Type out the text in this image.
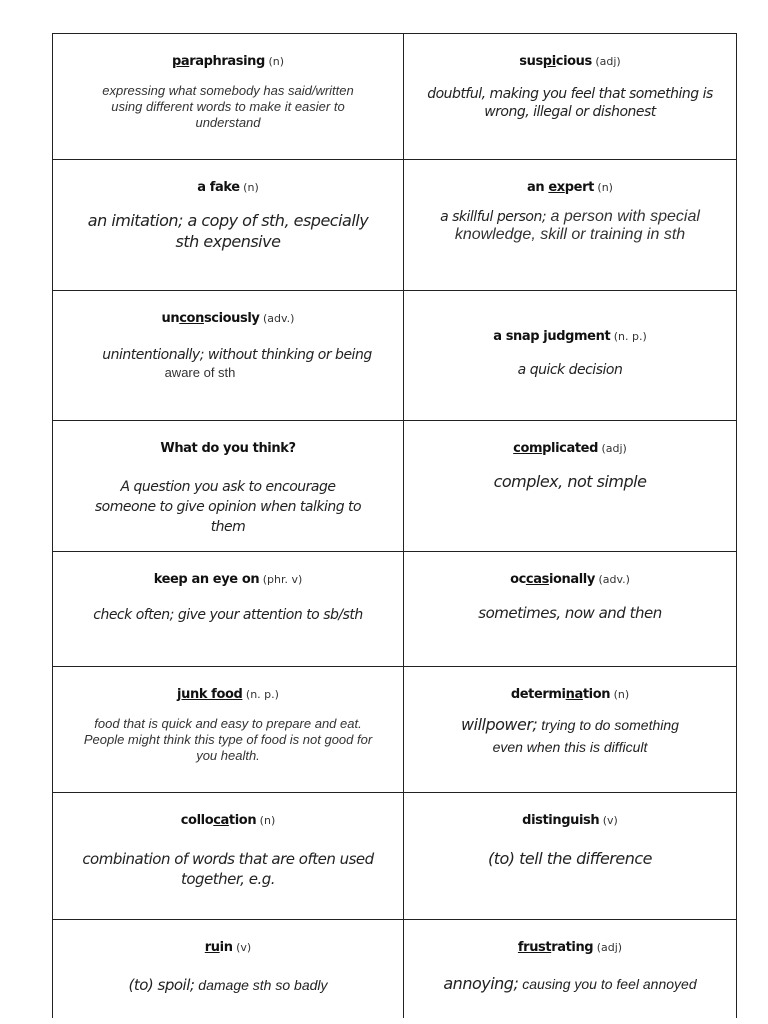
paraphrasing (n)
expressing what somebody has said/written using different words to make it easier to understand
suspicious (adj)
doubtful, making you feel that something is wrong, illegal or dishonest
a fake (n)
an imitation; a copy of sth, especially sth expensive
an expert (n)
a skillful person; a person with special knowledge, skill or training in sth
unconsciously (adv.)
unintentionally; without thinking or being
aware of sth
a snap judgment (n. p.)
a quick decision
What do you think?
A question you ask to encourage someone to give opinion when talking to them
complicated (adj)
complex, not simple
keep an eye on (phr. v)
check often; give your attention to sb/sth
occasionally (adv.)
sometimes, now and then
junk food (n. p.)
food that is quick and easy to prepare and eat. People might think this type of food is not good for you health.
determination (n)
willpower; trying to do something even when this is difficult
collocation (n)
combination of words that are often used together, e.g.
distinguish (v)
(to) tell the difference
ruin (v)
(to) spoil; damage sth so badly
frustrating (adj)
annoying; causing you to feel annoyed
